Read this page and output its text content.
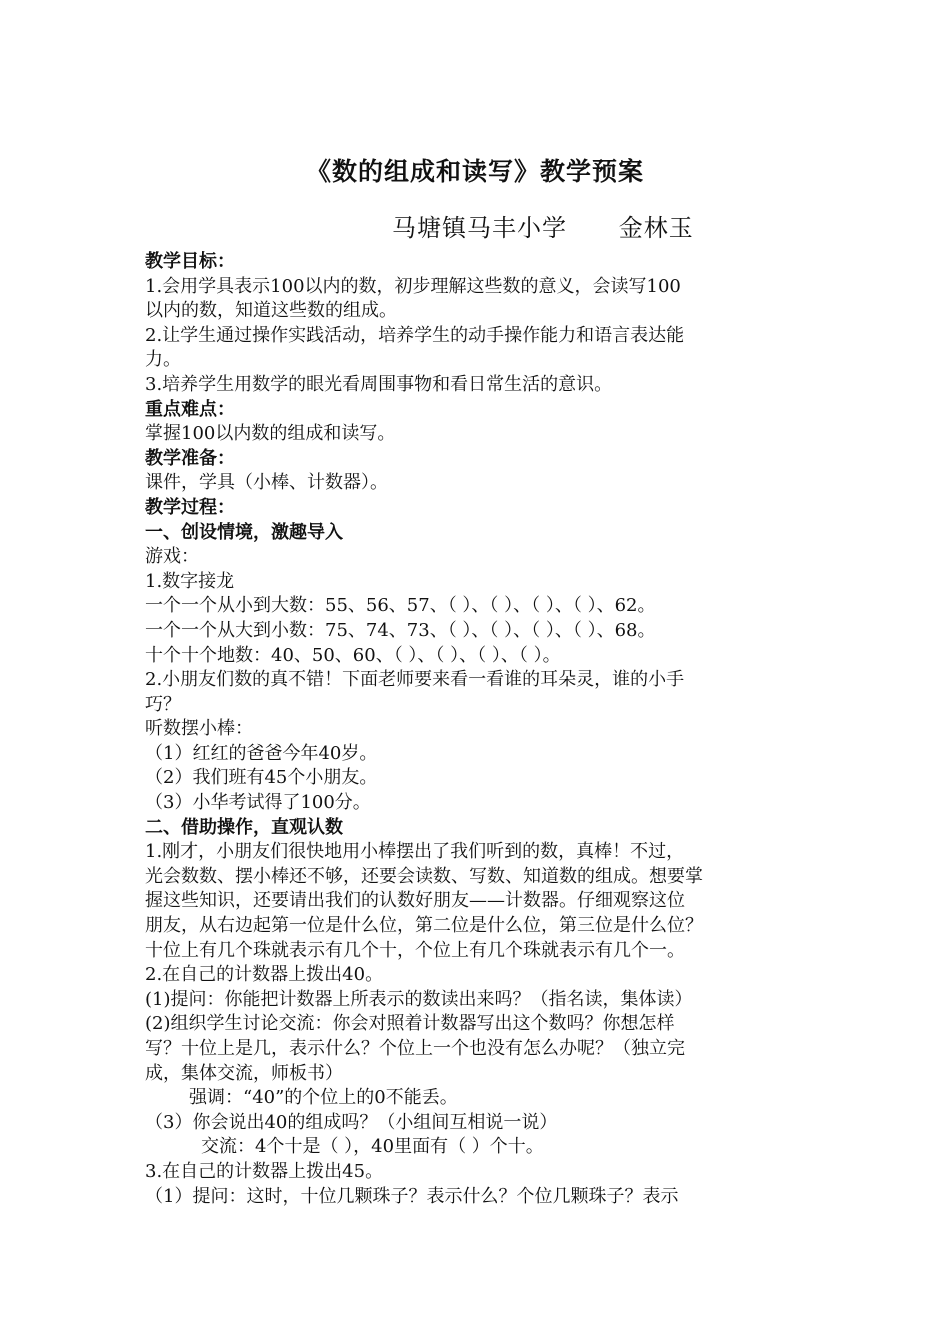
《数的组成和读写》教学预案
马塘镇马丰小学      金林玉
教学目标：
1.会用学具表示100以内的数，初步理解这些数的意义，会读写100
以内的数，知道这些数的组成。
2.让学生通过操作实践活动，培养学生的动手操作能力和语言表达能
力。
3.培养学生用数学的眼光看周围事物和看日常生活的意识。
重点难点：
掌握100以内数的组成和读写。
教学准备：
课件，学具（小棒、计数器）。
教学过程：
一、创设情境，激趣导入
游戏：
1.数字接龙
一个一个从小到大数：55、56、57、（ ）、（ ）、（ ）、（ ）、62。
一个一个从大到小数：75、74、73、（ ）、（ ）、（ ）、（ ）、68。
十个十个地数：40、50、60、（ ）、（ ）、（ ）、（ ）。
2.小朋友们数的真不错！下面老师要来看一看谁的耳朵灵，谁的小手
巧？
听数摆小棒：
（1）红红的爸爸今年40岁。
（2）我们班有45个小朋友。
（3）小华考试得了100分。
二、借助操作，直观认数
1.刚才，小朋友们很快地用小棒摆出了我们听到的数，真棒！不过，
光会数数、摆小棒还不够，还要会读数、写数、知道数的组成。想要掌
握这些知识，还要请出我们的认数好朋友——计数器。仔细观察这位
朋友，从右边起第一位是什么位，第二位是什么位，第三位是什么位？
十位上有几个珠就表示有几个十，个位上有几个珠就表示有几个一。
2.在自己的计数器上拨出40。
(1)提问：你能把计数器上所表示的数读出来吗？（指名读，集体读）
(2)组织学生讨论交流：你会对照着计数器写出这个数吗？你想怎样
写？十位上是几，表示什么？个位上一个也没有怎么办呢？（独立完
成，集体交流，师板书）
强调：“40”的个位上的0不能丢。
（3）你会说出40的组成吗？（小组间互相说一说）
交流：4个十是（ ），40里面有（ ）个十。
3.在自己的计数器上拨出45。
（1）提问：这时，十位几颗珠子？表示什么？个位几颗珠子？表示
